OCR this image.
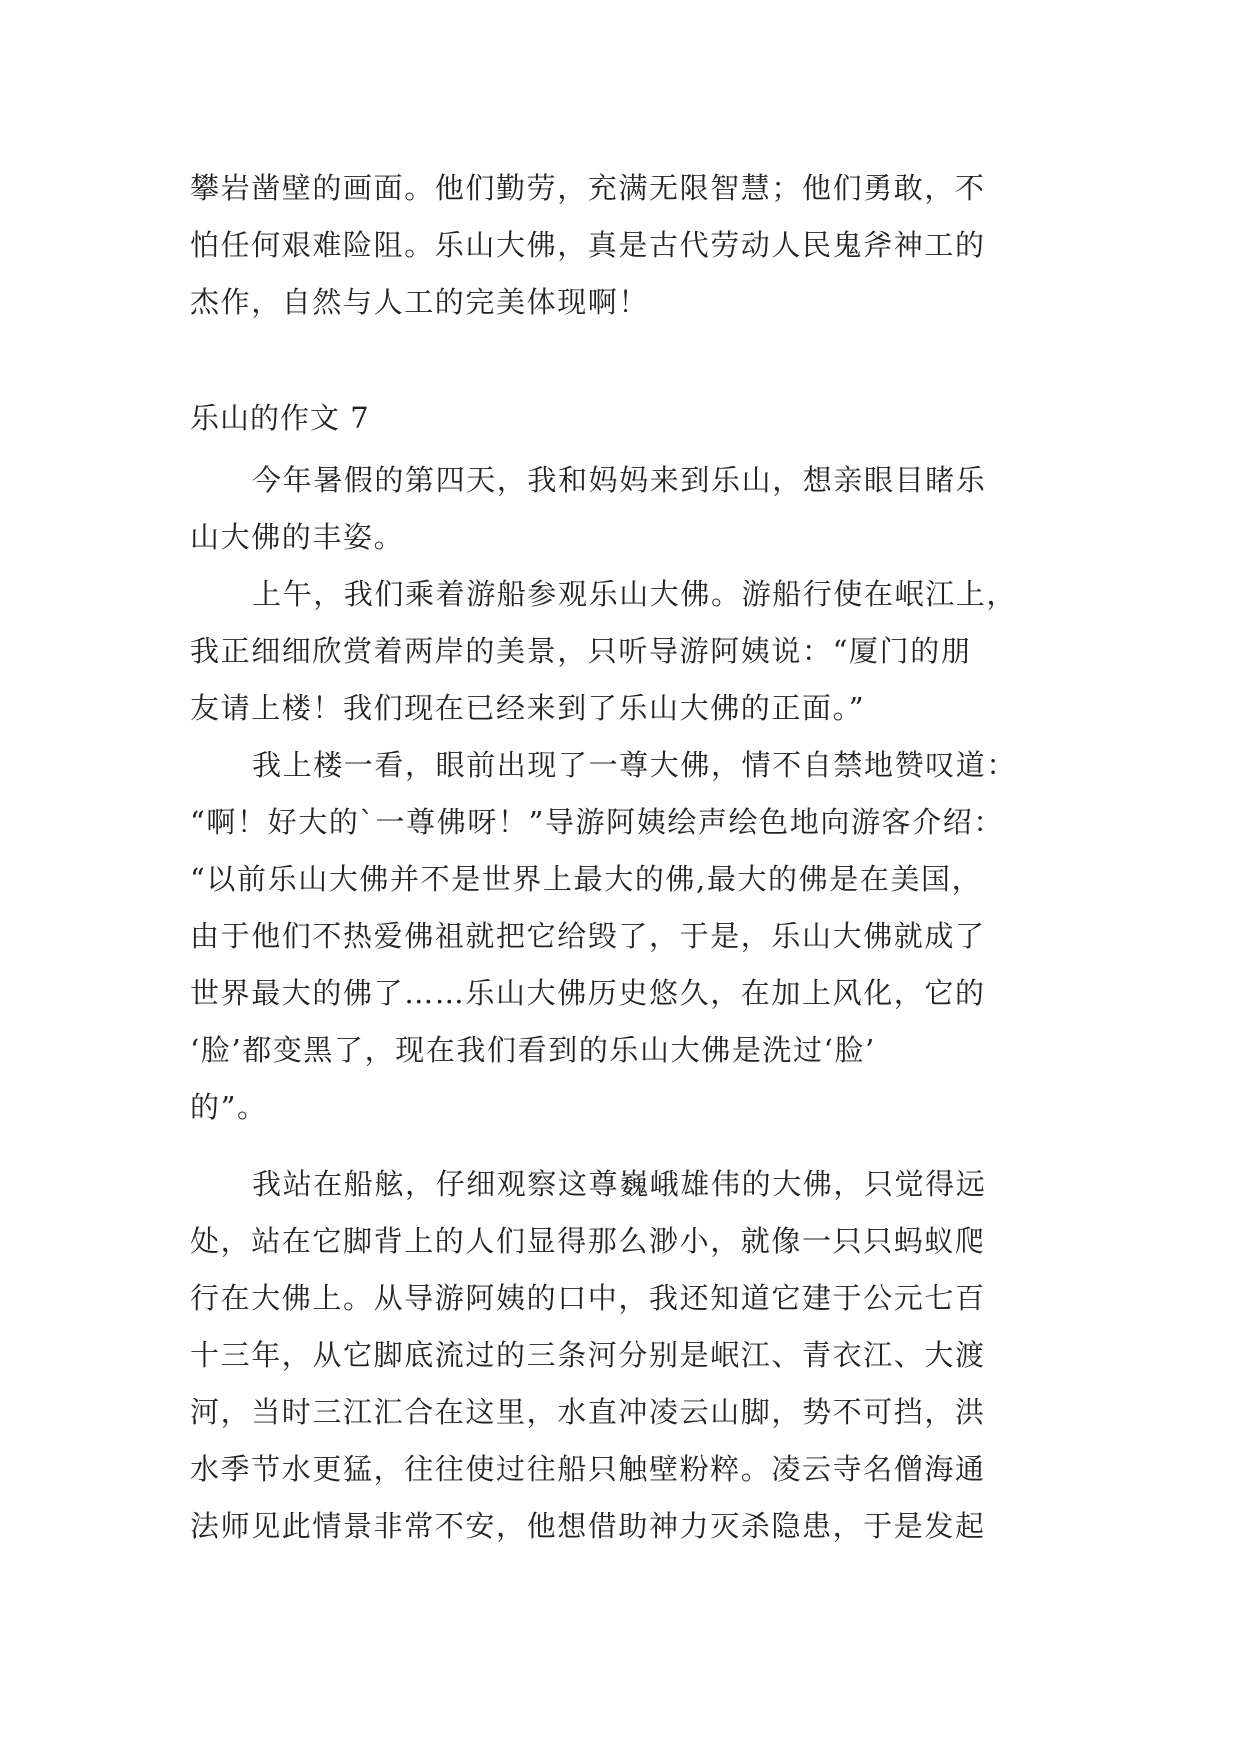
攀岩凿壁的画面。他们勤劳，充满无限智慧；他们勇敢，不
怕任何艰难险阻。乐山大佛，真是古代劳动人民鬼斧神工的
杰作，自然与人工的完美体现啊！
乐山的作文 7
今年暑假的第四天，我和妈妈来到乐山，想亲眼目睹乐
山大佛的丰姿。
上午，我们乘着游船参观乐山大佛。游船行使在岷江上，
我正细细欣赏着两岸的美景，只听导游阿姨说：“厦门的朋
友请上楼！我们现在已经来到了乐山大佛的正面。”
我上楼一看，眼前出现了一尊大佛，情不自禁地赞叹道：
“啊！好大的`一尊佛呀！”导游阿姨绘声绘色地向游客介绍：
“以前乐山大佛并不是世界上最大的佛,最大的佛是在美国，
由于他们不热爱佛祖就把它给毁了，于是，乐山大佛就成了
世界最大的佛了……乐山大佛历史悠久，在加上风化，它的
‘脸’都变黑了，现在我们看到的乐山大佛是洗过‘脸’
的”。
我站在船舷，仔细观察这尊巍峨雄伟的大佛，只觉得远
处，站在它脚背上的人们显得那么渺小，就像一只只蚂蚁爬
行在大佛上。从导游阿姨的口中，我还知道它建于公元七百
十三年，从它脚底流过的三条河分别是岷江、青衣江、大渡
河，当时三江汇合在这里，水直冲凌云山脚，势不可挡，洪
水季节水更猛，往往使过往船只触壁粉粹。凌云寺名僧海通
法师见此情景非常不安，他想借助神力灭杀隐患，于是发起
